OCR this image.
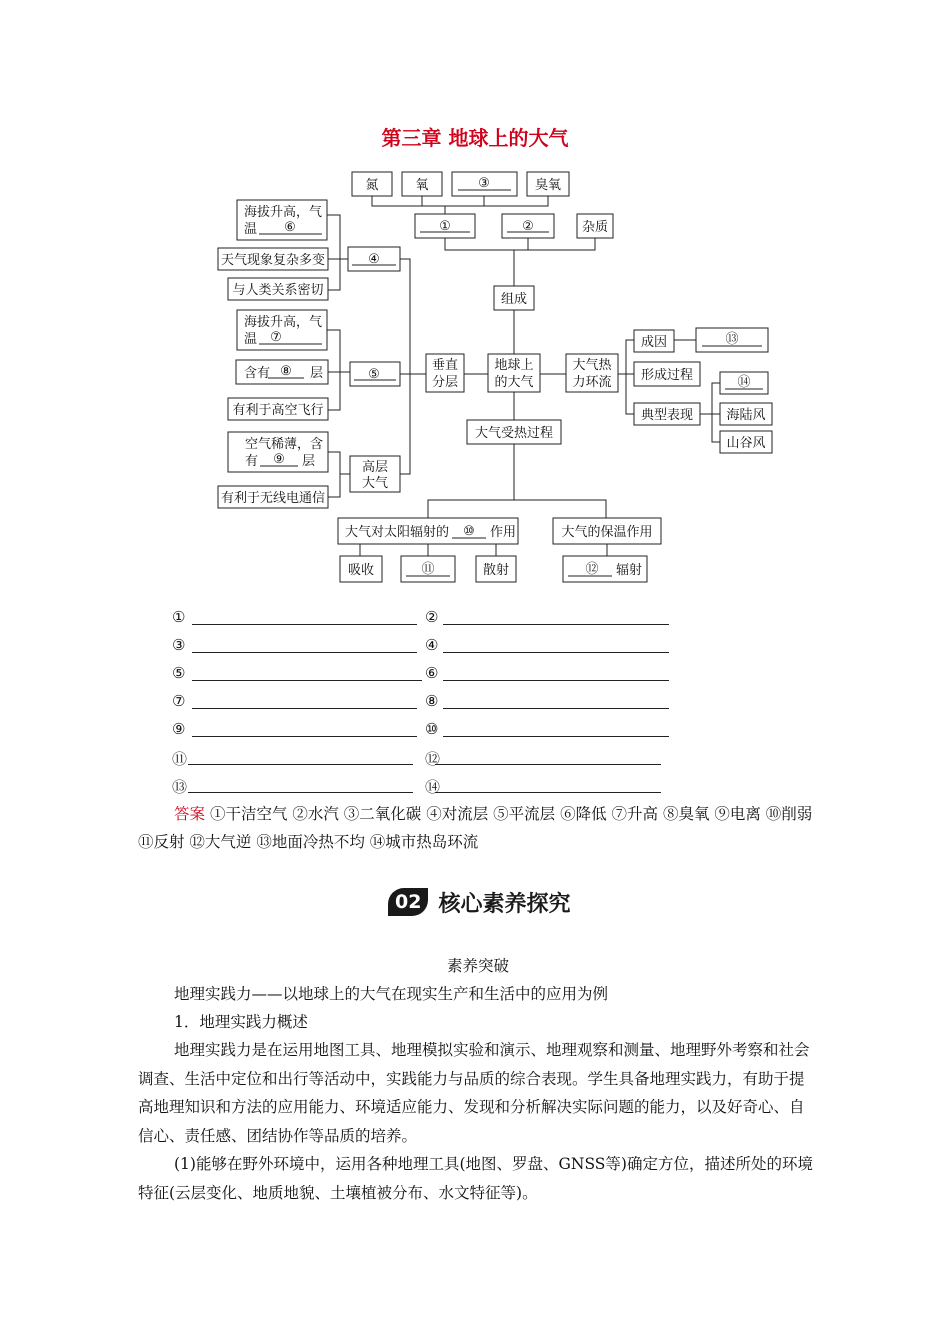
第三章 地球上的大气
氮	氧	③	臭氧
①	②	杂质
组成
海拔升高，气
温 ⑥
天气现象复杂多变
与人类关系密切
④
海拔升高，气
温 ⑦
含有 ⑧ 层
有利于高空飞行
⑤
空气稀薄，含
有 ⑨ 层
有利于无线电通信
高层
大气
垂直
分层
地球上
的大气
大气热
力环流
成因	⑬
形成过程
典型表现
⑭
海陆风
山谷风
大气受热过程
大气对太阳辐射的 ⑩ 作用	大气的保温作用
吸收	⑪	散射	⑫ 辐射
①	②
③	④
⑤	⑥
⑦	⑧
⑨	⑩
⑪	⑫
⑬	⑭
答案 ①干洁空气 ②水汽 ③二氧化碳 ④对流层 ⑤平流层 ⑥降低 ⑦升高 ⑧臭氧 ⑨电离 ⑩削弱 ⑪反射 ⑫大气逆 ⑬地面冷热不均 ⑭城市热岛环流
02 核心素养探究
素养突破
地理实践力——以地球上的大气在现实生产和生活中的应用为例
1．地理实践力概述
地理实践力是在运用地图工具、地理模拟实验和演示、地理观察和测量、地理野外考察和社会调查、生活中定位和出行等活动中，实践能力与品质的综合表现。学生具备地理实践力，有助于提高地理知识和方法的应用能力、环境适应能力、发现和分析解决实际问题的能力，以及好奇心、自信心、责任感、团结协作等品质的培养。
(1)能够在野外环境中，运用各种地理工具(地图、罗盘、GNSS等)确定方位，描述所处的环境特征(云层变化、地质地貌、土壤植被分布、水文特征等)。
